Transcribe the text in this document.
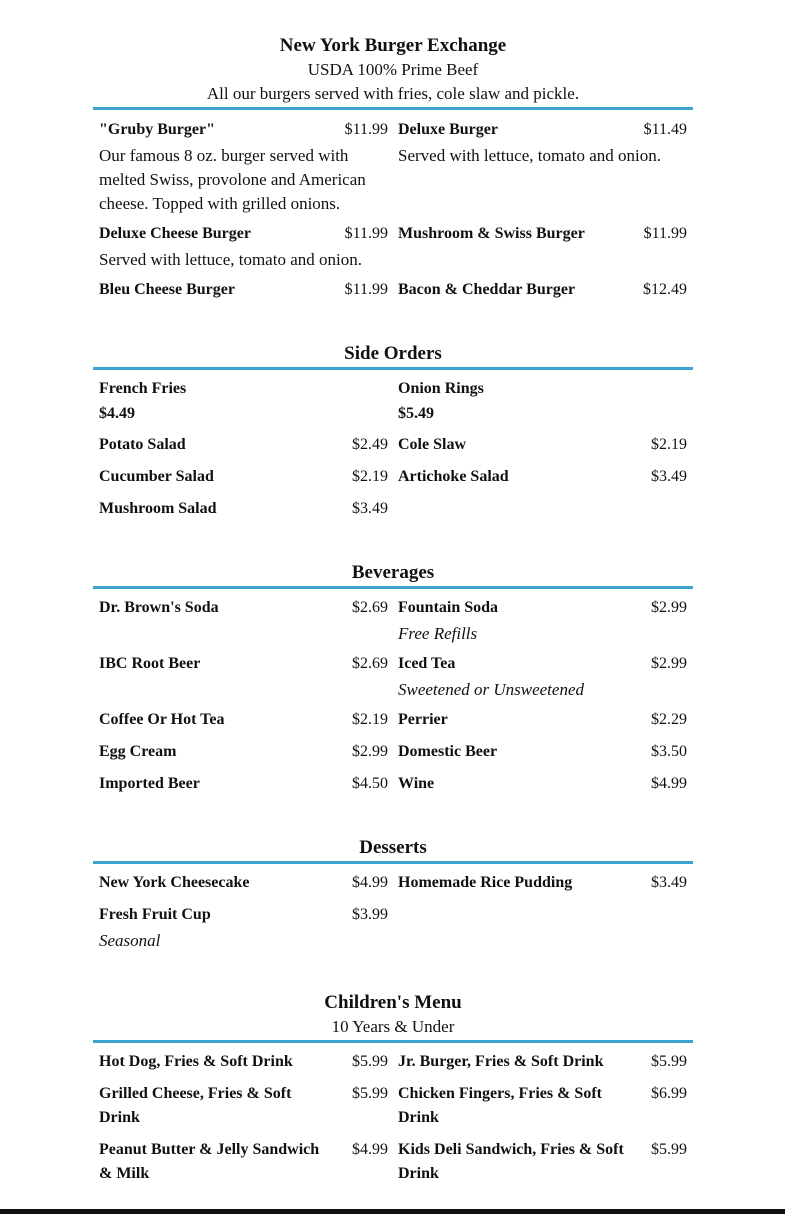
New York Burger Exchange
USDA 100% Prime Beef
All our burgers served with fries, cole slaw and pickle.
"Gruby Burger"	$11.99
Our famous 8 oz. burger served with melted Swiss, provolone and American cheese. Topped with grilled onions.
Deluxe Burger	$11.49
Served with lettuce, tomato and onion.
Deluxe Cheese Burger	$11.99
Served with lettuce, tomato and onion.
Mushroom & Swiss Burger	$11.99
Bleu Cheese Burger	$11.99 Bacon & Cheddar Burger	$12.49
Side Orders
French Fries
$4.49
Onion Rings
$5.49
Potato Salad	$2.49 Cole Slaw	$2.19
Cucumber Salad	$2.19 Artichoke Salad	$3.49
Mushroom Salad	$3.49
Beverages
Dr. Brown's Soda	$2.69 Fountain Soda	$2.99
Free Refills
IBC Root Beer	$2.69 Iced Tea	$2.99
Sweetened or Unsweetened
Coffee Or Hot Tea	$2.19 Perrier	$2.29
Egg Cream	$2.99 Domestic Beer	$3.50
Imported Beer	$4.50 Wine	$4.99
Desserts
New York Cheesecake	$4.99 Homemade Rice Pudding	$3.49
Fresh Fruit Cup	$3.99
Seasonal
Children's Menu
10 Years & Under
Hot Dog, Fries & Soft Drink	$5.99 Jr. Burger, Fries & Soft Drink	$5.99
Grilled Cheese, Fries & Soft Drink
$5.99 Chicken Fingers, Fries & Soft Drink
$6.99
Peanut Butter & Jelly Sandwich & Milk
$4.99 Kids Deli Sandwich, Fries & Soft Drink
$5.99
